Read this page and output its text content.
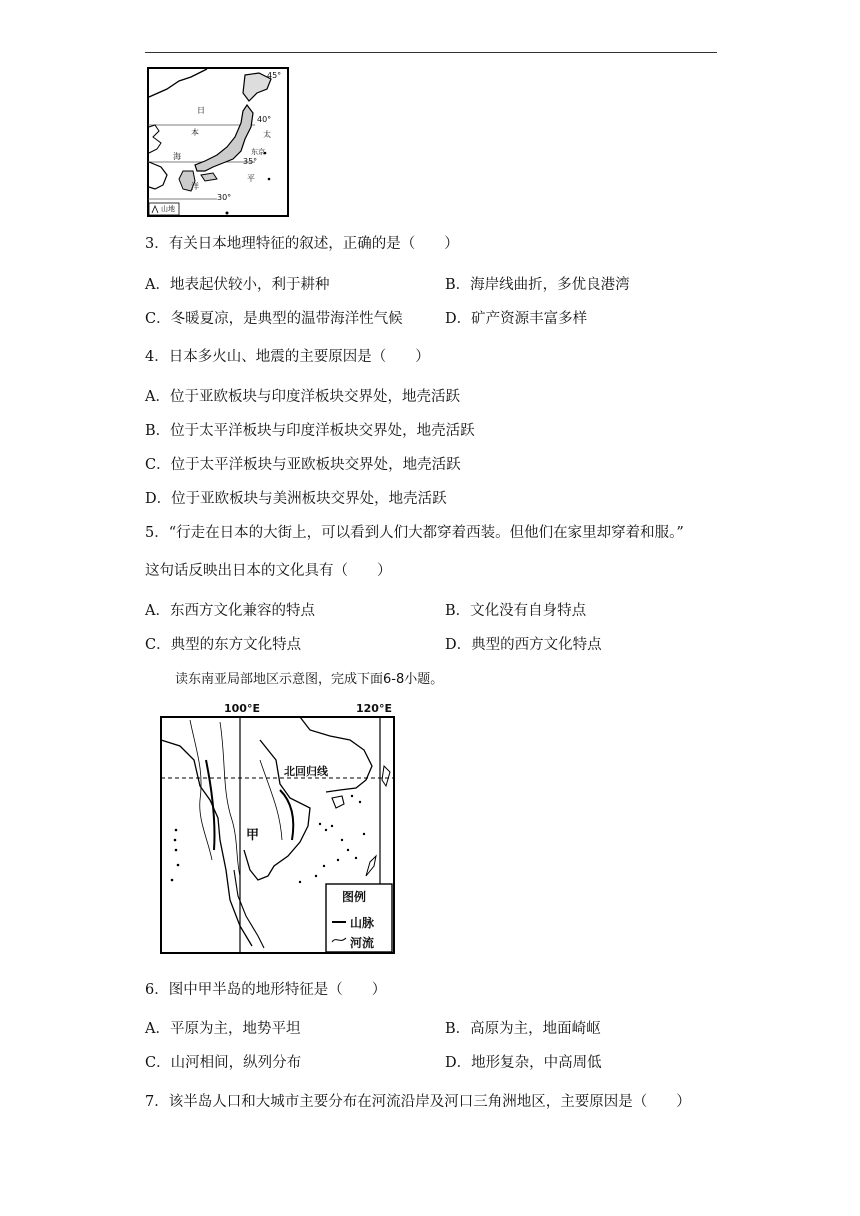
45°
40°
35°
30°
日
本
海
太
东京
平
洋
山地
3．有关日本地理特征的叙述，正确的是（　　）
A．地表起伏较小，利于耕种	B．海岸线曲折，多优良港湾
C．冬暖夏凉，是典型的温带海洋性气候	D．矿产资源丰富多样
4．日本多火山、地震的主要原因是（　　）
A．位于亚欧板块与印度洋板块交界处，地壳活跃
B．位于太平洋板块与印度洋板块交界处，地壳活跃
C．位于太平洋板块与亚欧板块交界处，地壳活跃
D．位于亚欧板块与美洲板块交界处，地壳活跃
5．“行走在日本的大街上，可以看到人们大都穿着西装。但他们在家里却穿着和服。”
这句话反映出日本的文化具有（　　）
A．东西方文化兼容的特点	B．文化没有自身特点
C．典型的东方文化特点	D．典型的西方文化特点
读东南亚局部地区示意图，完成下面6-8小题。
100°E	120°E
北回归线
甲
图例
山脉
河流
6．图中甲半岛的地形特征是（　　）
A．平原为主，地势平坦	B．高原为主，地面崎岖
C．山河相间，纵列分布	D．地形复杂，中高周低
7．该半岛人口和大城市主要分布在河流沿岸及河口三角洲地区，主要原因是（　　）
